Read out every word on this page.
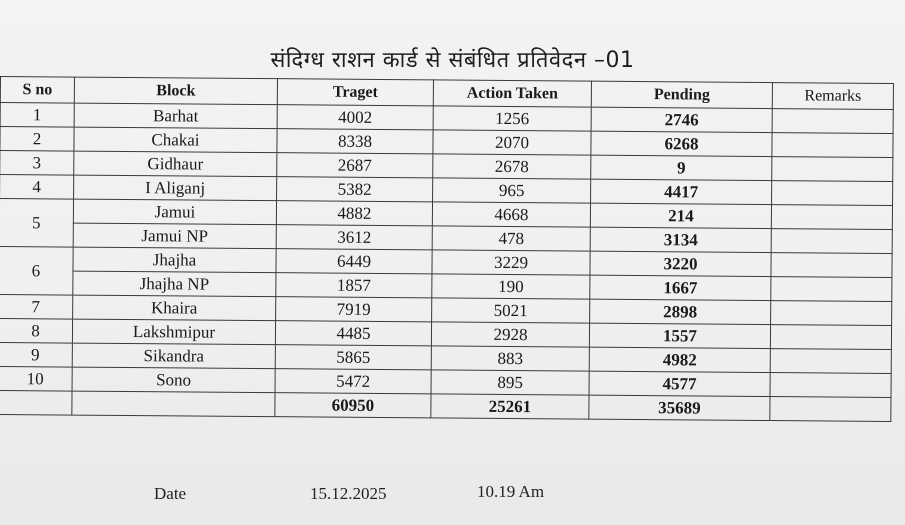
संदिग्ध राशन कार्ड से संबंधित प्रतिवेदन –01
S no	Block	Traget	Action Taken	Pending	Remarks
1	Barhat	4002	1256	2746	
2	Chakai	8338	2070	6268	
3	Gidhaur	2687	2678	9	
4	I Aliganj	5382	965	4417	
5	Jamui	4882	4668	214	
	Jamui NP	3612	478	3134	
6	Jhajha	6449	3229	3220	
	Jhajha NP	1857	190	1667	
7	Khaira	7919	5021	2898	
8	Lakshmipur	4485	2928	1557	
9	Sikandra	5865	883	4982	
10	Sono	5472	895	4577	
		60950	25261	35689	
Date	15.12.2025	10.19 Am
